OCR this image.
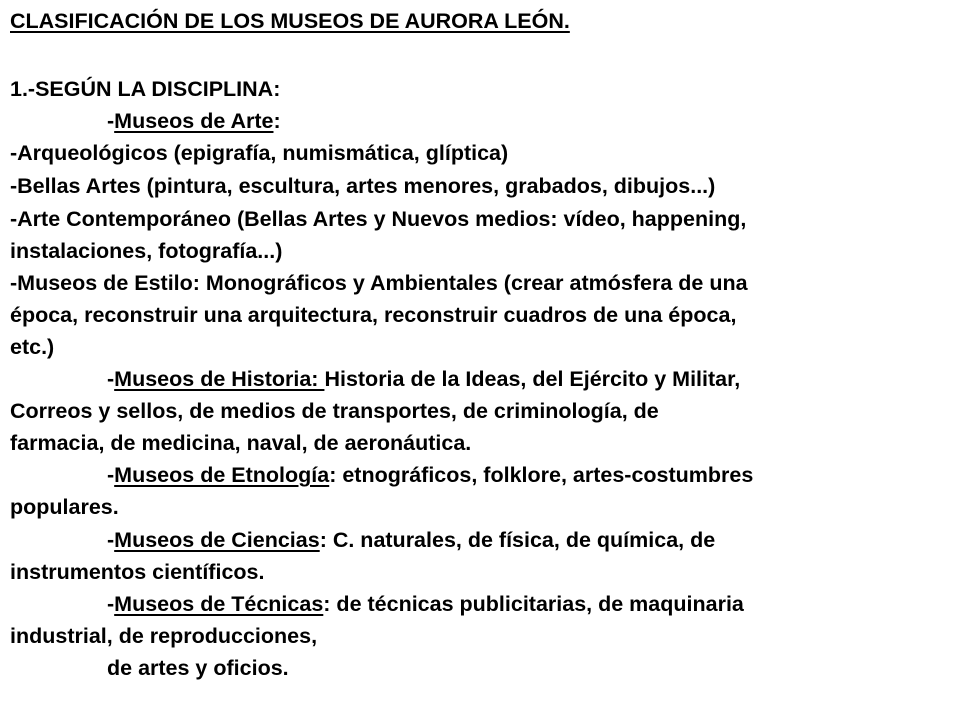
CLASIFICACIÓN DE LOS MUSEOS DE AURORA LEÓN.
1.-SEGÚN LA DISCIPLINA:
-Museos de Arte:
-Arqueológicos (epigrafía, numismática, glíptica)
-Bellas Artes (pintura, escultura, artes menores, grabados, dibujos...)
-Arte Contemporáneo (Bellas Artes y Nuevos medios: vídeo, happening,
instalaciones, fotografía...)
-Museos de Estilo: Monográficos y Ambientales (crear atmósfera de una
época, reconstruir una arquitectura, reconstruir cuadros de una época,
etc.)
-Museos de Historia: Historia de la Ideas, del Ejército y Militar,
Correos y sellos, de medios de transportes, de criminología, de
farmacia, de medicina, naval, de aeronáutica.
-Museos de Etnología: etnográficos, folklore, artes-costumbres
populares.
-Museos de Ciencias: C. naturales, de física, de química, de
instrumentos científicos.
-Museos de Técnicas: de técnicas publicitarias, de maquinaria
industrial, de reproducciones,
de artes y oficios.
